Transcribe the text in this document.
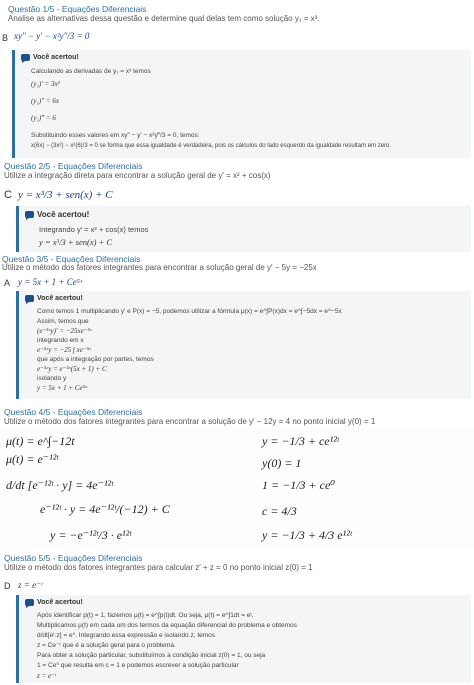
Questão 1/5 - Equações Diferenciais
Analise as alternativas dessa questão e determine qual delas tem como solução y₁ = x³.
B xy″ − y′ − x²y″/3 = 0
Você acertou!
Calculando as derivadas de y₁ = x³ temos
(y₁)′ = 3x²
(y₁)″ = 6x
(y₁)‴ = 6
Substituindo esses valores em xy″ − y′ − x²y‴/3 = 0, temos:
x(6x) − (3x²) − x²(6)/3 = 0 se forma que essa igualdade é verdadeira, pois os cálculos do lado esquerdo da igualdade resultam em zero.
Questão 2/5 - Equações Diferenciais
Utilize a integração direta para encontrar a solução geral de y′ = x² + cos(x)
C y = x³/3 + sen(x) + C
Você acertou!
Integrando y′ = x² + cos(x) temos
y = x³/3 + sen(x) + C
Questão 3/5 - Equações Diferenciais
Utilize o método dos fatores integrantes para encontrar a solução geral de y′ − 5y = −25x
A y = 5x + 1 + Ce⁵ˣ
Você acertou!
Como temos 1 multiplicando y′ e P(x) = −5, podemos utilizar a fórmula μ(x) = e^∫P(x)dx = e^∫−5dx = e^−5x
Assim, temos que
(e⁻⁵ˣy)′ = −25xe⁻⁵ˣ
integrando em x
e⁻⁵ˣy = −25 ∫ xe⁻⁵ˣ
que após a integração por partes, temos
e⁻⁵ˣy = e⁻⁵ˣ(5x + 1) + C
isolando y
y = 5x + 1 + Ce⁵ˣ
Questão 4/5 - Equações Diferenciais
Utilize o método dos fatores integrantes para encontrar a solução de y′ − 12y = 4 no ponto inicial y(0) = 1
μ(t) = e^∫−12t
μ(t) = e⁻¹²ᵗ
d/dt [e⁻¹²ᵗ · y] = 4e⁻¹²ᵗ
e⁻¹²ᵗ · y = 4e⁻¹²ᵗ/(−12) + C
y = −e⁻¹²ᵗ/3 · e¹²ᵗ
y = −1/3 + ce¹²ᵗ
y(0) = 1
1 = −1/3 + ce⁰
c = 4/3
y = −1/3 + 4/3 e¹²ᵗ
Questão 5/5 - Equações Diferenciais
Utilize o método dos fatores integrantes para calcular z′ + z = 0 no ponto inicial z(0) = 1
D z = e⁻ᵗ
Você acertou!
Após identificar p(t) = 1, fazemos μ(t) = e^∫p(t)dt. Ou seja, μ(t) = e^∫1dt = eᵗ.
Multiplicamos μ(t) em cada um dos termos da equação diferencial do problema e obtemos
d/dt[eᵗ.z] = e⁰. Integrando essa expressão e isolando z, temos
z = Ce⁻ᵗ que é a solução geral para o problema.
Para obter a solução particular, substituímos a condição inicial z(0) = 1, ou seja
1 = Ce⁰ que resulta em c = 1 e podemos escrever a solução particular
z = e⁻ᵗ
